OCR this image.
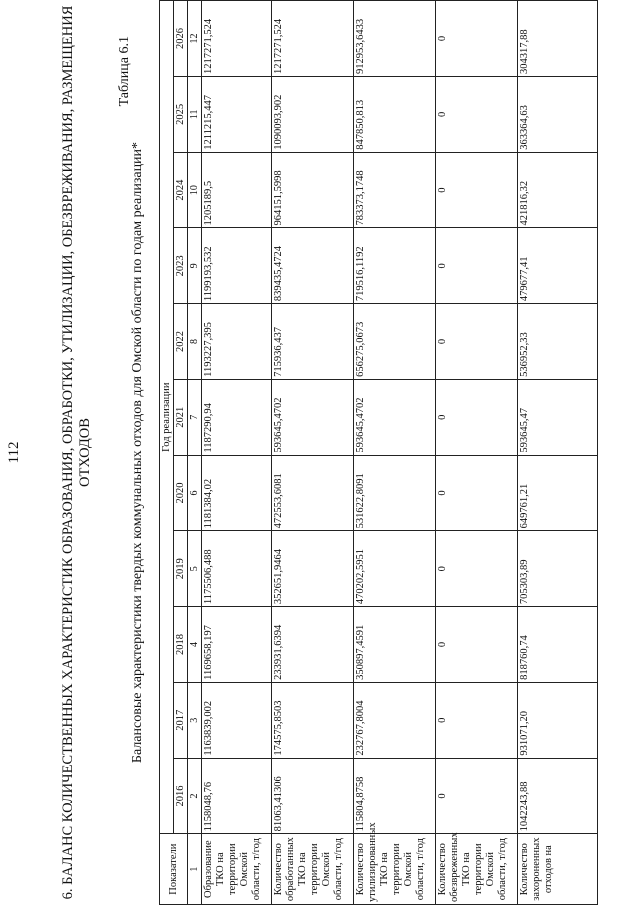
112	6. БАЛАНС КОЛИЧЕСТВЕННЫХ ХАРАКТЕРИСТИК ОБРАЗОВАНИЯ, ОБРАБОТКИ, УТИЛИЗАЦИИ, ОБЕЗВРЕЖИВАНИЯ, РАЗМЕЩЕНИЯ ОТХОДОВ
Таблица 6.1
Балансовые характеристики твердых коммунальных отходов для Омской области по годам реализации*
Показатели	Год реализации										
	2016	2017	2018	2019	2020	2021	2022	2023	2024	2025	2026
1	2	3	4	5	6	7	8	9	10	11	12
Образование ТКО на территории Омской области, т/год	1158048,76	1163839,002	1169658,197	1175506,488	1181384,02	1187290,94	1193227,395	1199193,532	1205189,5	1211215,447	1217271,524
Количество обработанных ТКО на территории Омской области, т/год	81063,41306	174575,8503	233931,6394	352651,9464	472553,6081	593645,4702	715936,437	839435,4724	964151,5998	1090093,902	1217271,524
Количество утилизированных ТКО на территории Омской области, т/год	115804,8758	232767,8004	350897,4591	470202,5951	531622,8091	593645,4702	656275,0673	719516,1192	783373,1748	847850,813	912953,6433
Количество обезвреженных ТКО на территории Омской области, т/год	0	0	0	0	0	0	0	0	0	0	0
Количество захороненных отходов на	1042243,88	931071,20	818760,74	705303,89	649761,21	593645,47	536952,33	479677,41	421816,32	363364,63	304317,88
